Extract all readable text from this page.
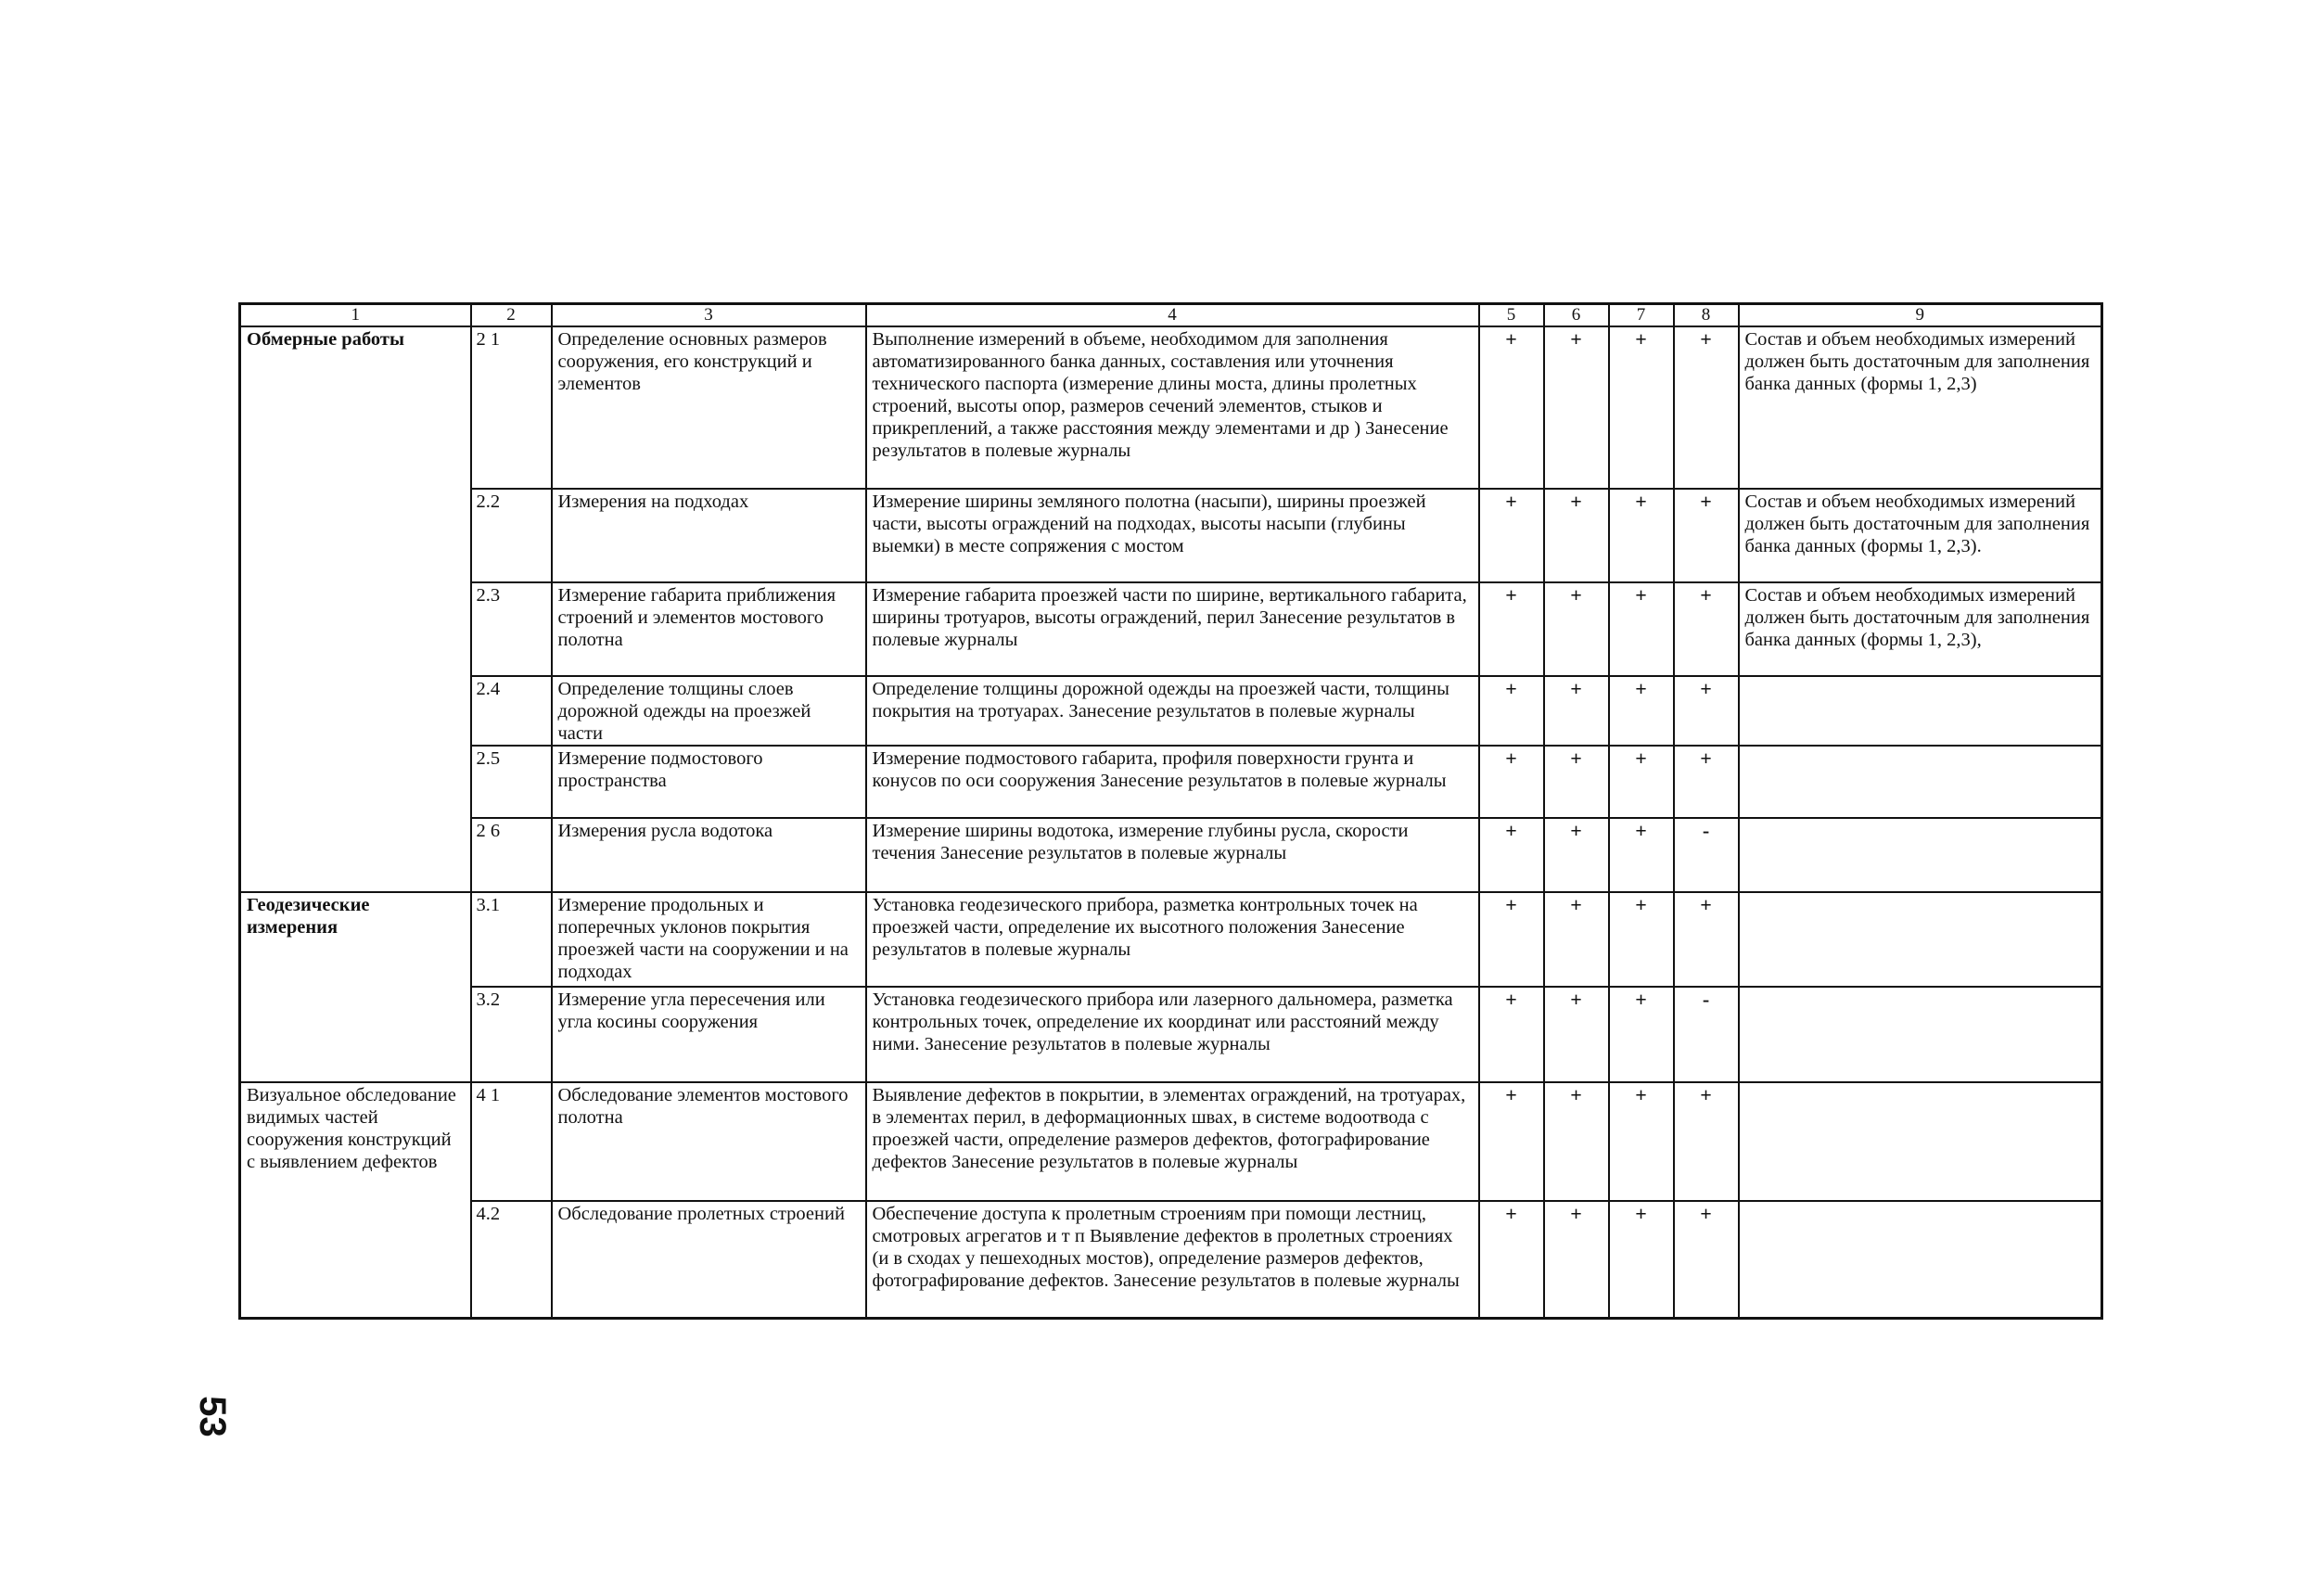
1	2	3	4	5	6	7	8	9
Обмерные работы	2 1	Определение основных размеров сооружения, его конструкций и элементов	Выполнение измерений в объеме, необходимом для заполнения автоматизированного банка данных, составления или уточнения технического паспорта (измерение длины моста, длины пролетных строений, высоты опор, размеров сечений элементов, стыков и прикреплений, а также расстояния между элементами и др ) Занесение результатов в полевые журналы	+	+	+	+	Состав и объем необходимых измерений должен быть достаточным для заполнения банка данных (формы 1, 2,3)
	2.2	Измерения на подходах	Измерение ширины земляного полотна (насыпи), ширины проезжей части, высоты ограждений на подходах, высоты насыпи (глубины выемки) в месте сопряжения с мостом	+	+	+	+	Состав и объем необходимых измерений должен быть достаточным для заполнения банка данных (формы 1, 2,3).
	2.3	Измерение габарита приближения строений и элементов мостового полотна	Измерение габарита проезжей части по ширине, вертикального габарита, ширины тротуаров, высоты ограждений, перил Занесение результатов в полевые журналы	+	+	+	+	Состав и объем необходимых измерений должен быть достаточным для заполнения банка данных (формы 1, 2,3),
	2.4	Определение толщины слоев дорожной одежды на проезжей части	Определение толщины дорожной одежды на проезжей части, толщины покрытия на тротуарах. Занесение результатов в полевые журналы	+	+	+	+	
	2.5	Измерение подмостового пространства	Измерение подмостового габарита, профиля поверхности грунта и конусов по оси сооружения Занесение результатов в полевые журналы	+	+	+	+	
	2 6	Измерения русла водотока	Измерение ширины водотока, измерение глубины русла, скорости течения Занесение результатов в полевые журналы	+	+	+	-	
Геодезические измерения	3.1	Измерение продольных и поперечных уклонов покрытия проезжей части на сооружении и на подходах	Установка геодезического прибора, разметка контрольных точек на проезжей части, определение их высотного положения Занесение результатов в полевые журналы	+	+	+	+	
	3.2	Измерение угла пересечения или угла косины сооружения	Установка геодезического прибора или лазерного дальномера, разметка контрольных точек, определение их координат или расстояний между ними. Занесение результатов в полевые журналы	+	+	+	-	
Визуальное обследование видимых частей сооружения конструкций с выявлением дефектов	4 1	Обследование элементов мостового полотна	Выявление дефектов в покрытии, в элементах ограждений, на тротуарах, в элементах перил, в деформационных швах, в системе водоотвода с проезжей части, определение размеров дефектов, фотографирование дефектов Занесение результатов в полевые журналы	+	+	+	+	
	4.2	Обследование пролетных строений	Обеспечение доступа к пролетным строениям при помощи лестниц, смотровых агрегатов и т п Выявление дефектов в пролетных строениях (и в сходах у пешеходных мостов), определение размеров дефектов, фотографирование дефектов. Занесение результатов в полевые журналы	+	+	+	+	
53
